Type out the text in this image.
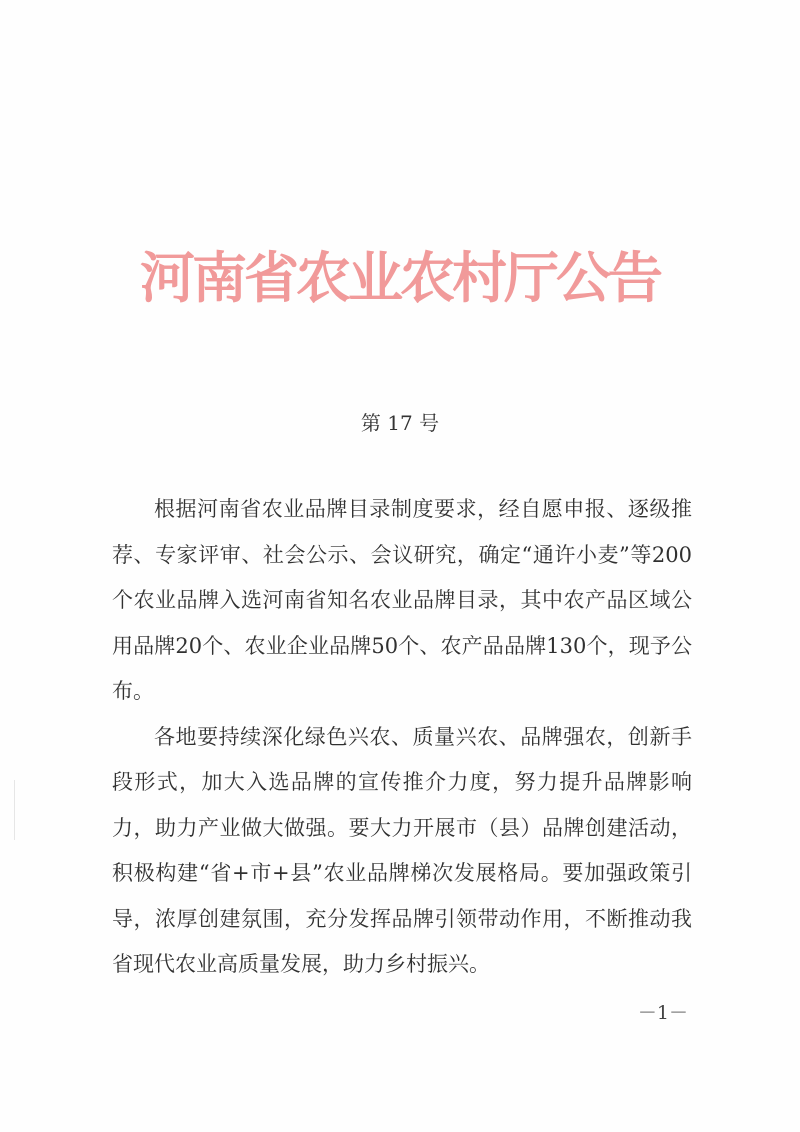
河南省农业农村厅公告
第 17 号

根据河南省农业品牌目录制度要求，经自愿申报、逐级推荐、专家评审、社会公示、会议研究，确定“通许小麦”等200个农业品牌入选河南省知名农业品牌目录，其中农产品区域公用品牌20个、农业企业品牌50个、农产品品牌130个，现予公布。

各地要持续深化绿色兴农、质量兴农、品牌强农，创新手段形式，加大入选品牌的宣传推介力度，努力提升品牌影响力，助力产业做大做强。要大力开展市（县）品牌创建活动，积极构建“省+市+县”农业品牌梯次发展格局。要加强政策引导，浓厚创建氛围，充分发挥品牌引领带动作用，不断推动我省现代农业高质量发展，助力乡村振兴。

－1－
